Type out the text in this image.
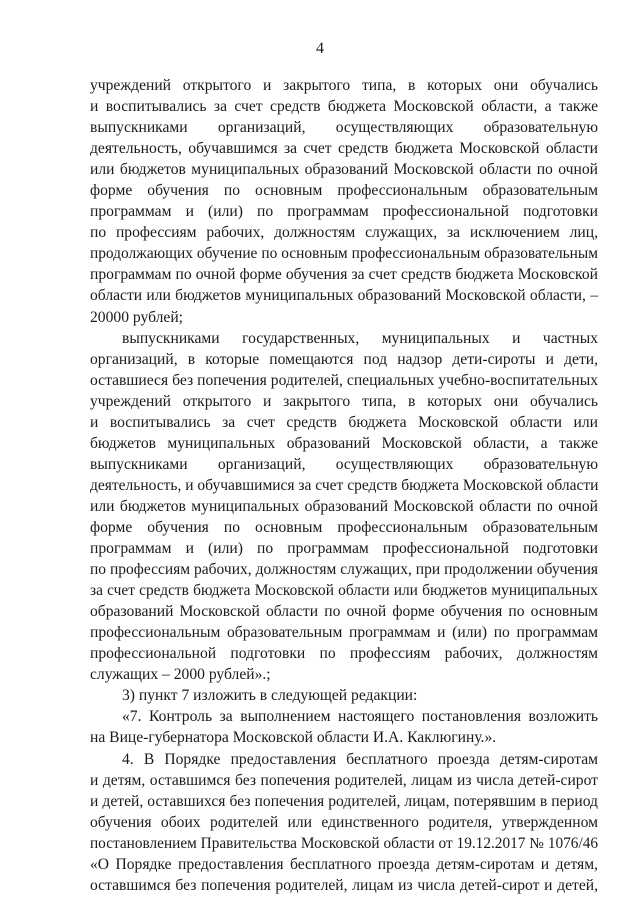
4
учреждений открытого и закрытого типа, в которых они обучались
и воспитывались за счет средств бюджета Московской области, а также
выпускниками организаций, осуществляющих образовательную
деятельность, обучавшимся за счет средств бюджета Московской области
или бюджетов муниципальных образований Московской области по очной
форме обучения по основным профессиональным образовательным
программам и (или) по программам профессиональной подготовки
по профессиям рабочих, должностям служащих, за исключением лиц,
продолжающих обучение по основным профессиональным образовательным
программам по очной форме обучения за счет средств бюджета Московской
области или бюджетов муниципальных образований Московской области, –
20000 рублей;
выпускниками государственных, муниципальных и частных
организаций, в которые помещаются под надзор дети-сироты и дети,
оставшиеся без попечения родителей, специальных учебно-воспитательных
учреждений открытого и закрытого типа, в которых они обучались
и воспитывались за счет средств бюджета Московской области или
бюджетов муниципальных образований Московской области, а также
выпускниками организаций, осуществляющих образовательную
деятельность, и обучавшимися за счет средств бюджета Московской области
или бюджетов муниципальных образований Московской области по очной
форме обучения по основным профессиональным образовательным
программам и (или) по программам профессиональной подготовки
по профессиям рабочих, должностям служащих, при продолжении обучения
за счет средств бюджета Московской области или бюджетов муниципальных
образований Московской области по очной форме обучения по основным
профессиональным образовательным программам и (или) по программам
профессиональной подготовки по профессиям рабочих, должностям
служащих – 2000 рублей».;
3) пункт 7 изложить в следующей редакции:
«7. Контроль за выполнением настоящего постановления возложить
на Вице-губернатора Московской области И.А. Каклюгину.».
4. В Порядке предоставления бесплатного проезда детям-сиротам
и детям, оставшимся без попечения родителей, лицам из числа детей-сирот
и детей, оставшихся без попечения родителей, лицам, потерявшим в период
обучения обоих родителей или единственного родителя, утвержденном
постановлением Правительства Московской области от 19.12.2017 № 1076/46
«О Порядке предоставления бесплатного проезда детям-сиротам и детям,
оставшимся без попечения родителей, лицам из числа детей-сирот и детей,
